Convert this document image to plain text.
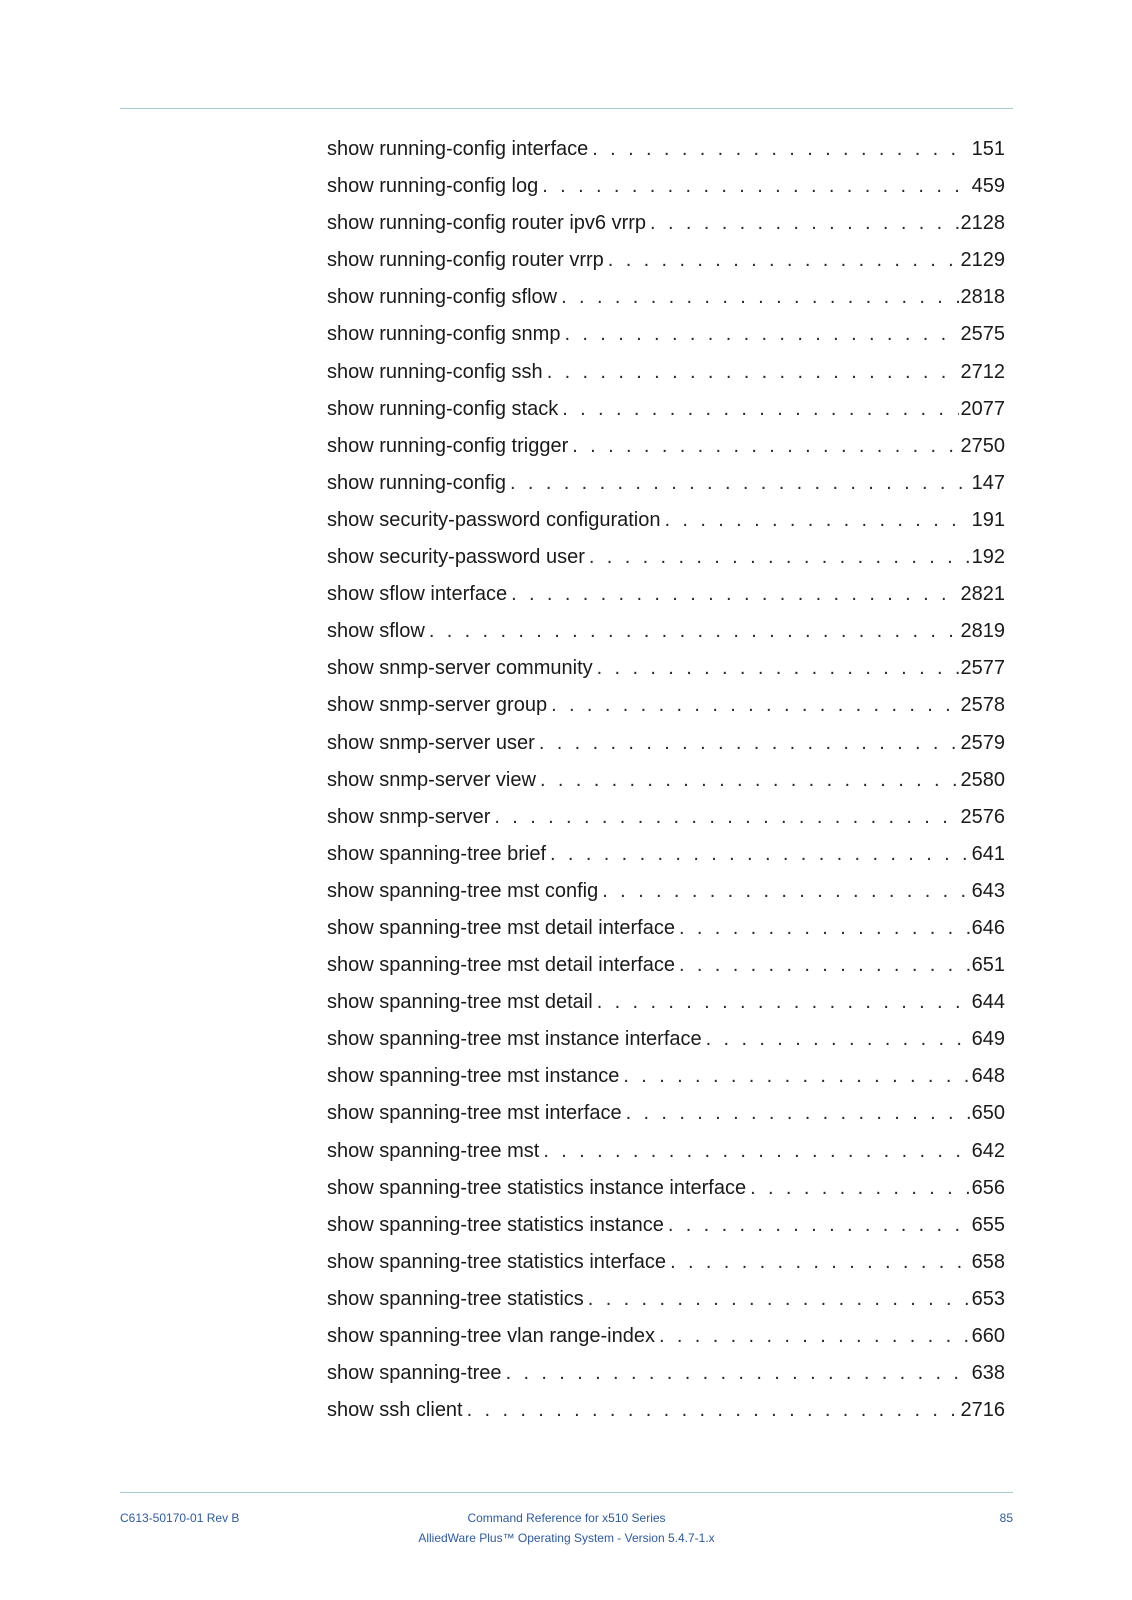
show running-config interface . . .	151
show running-config log . . .	459
show running-config router ipv6 vrrp . . .	2128
show running-config router vrrp . . .	2129
show running-config sflow . . .	2818
show running-config snmp . . .	2575
show running-config ssh . . .	2712
show running-config stack . . .	2077
show running-config trigger . . .	2750
show running-config . . .	147
show security-password configuration . . .	191
show security-password user . . .	192
show sflow interface . . .	2821
show sflow . . .	2819
show snmp-server community . . .	2577
show snmp-server group . . .	2578
show snmp-server user . . .	2579
show snmp-server view . . .	2580
show snmp-server . . .	2576
show spanning-tree brief . . .	641
show spanning-tree mst config . . .	643
show spanning-tree mst detail interface . . .	646
show spanning-tree mst detail interface . . .	651
show spanning-tree mst detail . . .	644
show spanning-tree mst instance interface . . .	649
show spanning-tree mst instance . . .	648
show spanning-tree mst interface . . .	650
show spanning-tree mst . . .	642
show spanning-tree statistics instance interface . . .	656
show spanning-tree statistics instance . . .	655
show spanning-tree statistics interface . . .	658
show spanning-tree statistics . . .	653
show spanning-tree vlan range-index . . .	660
show spanning-tree . . .	638
show ssh client . . .	2716
C613-50170-01 Rev B	Command Reference for x510 Series
AlliedWare Plus™ Operating System - Version 5.4.7-1.x
85
